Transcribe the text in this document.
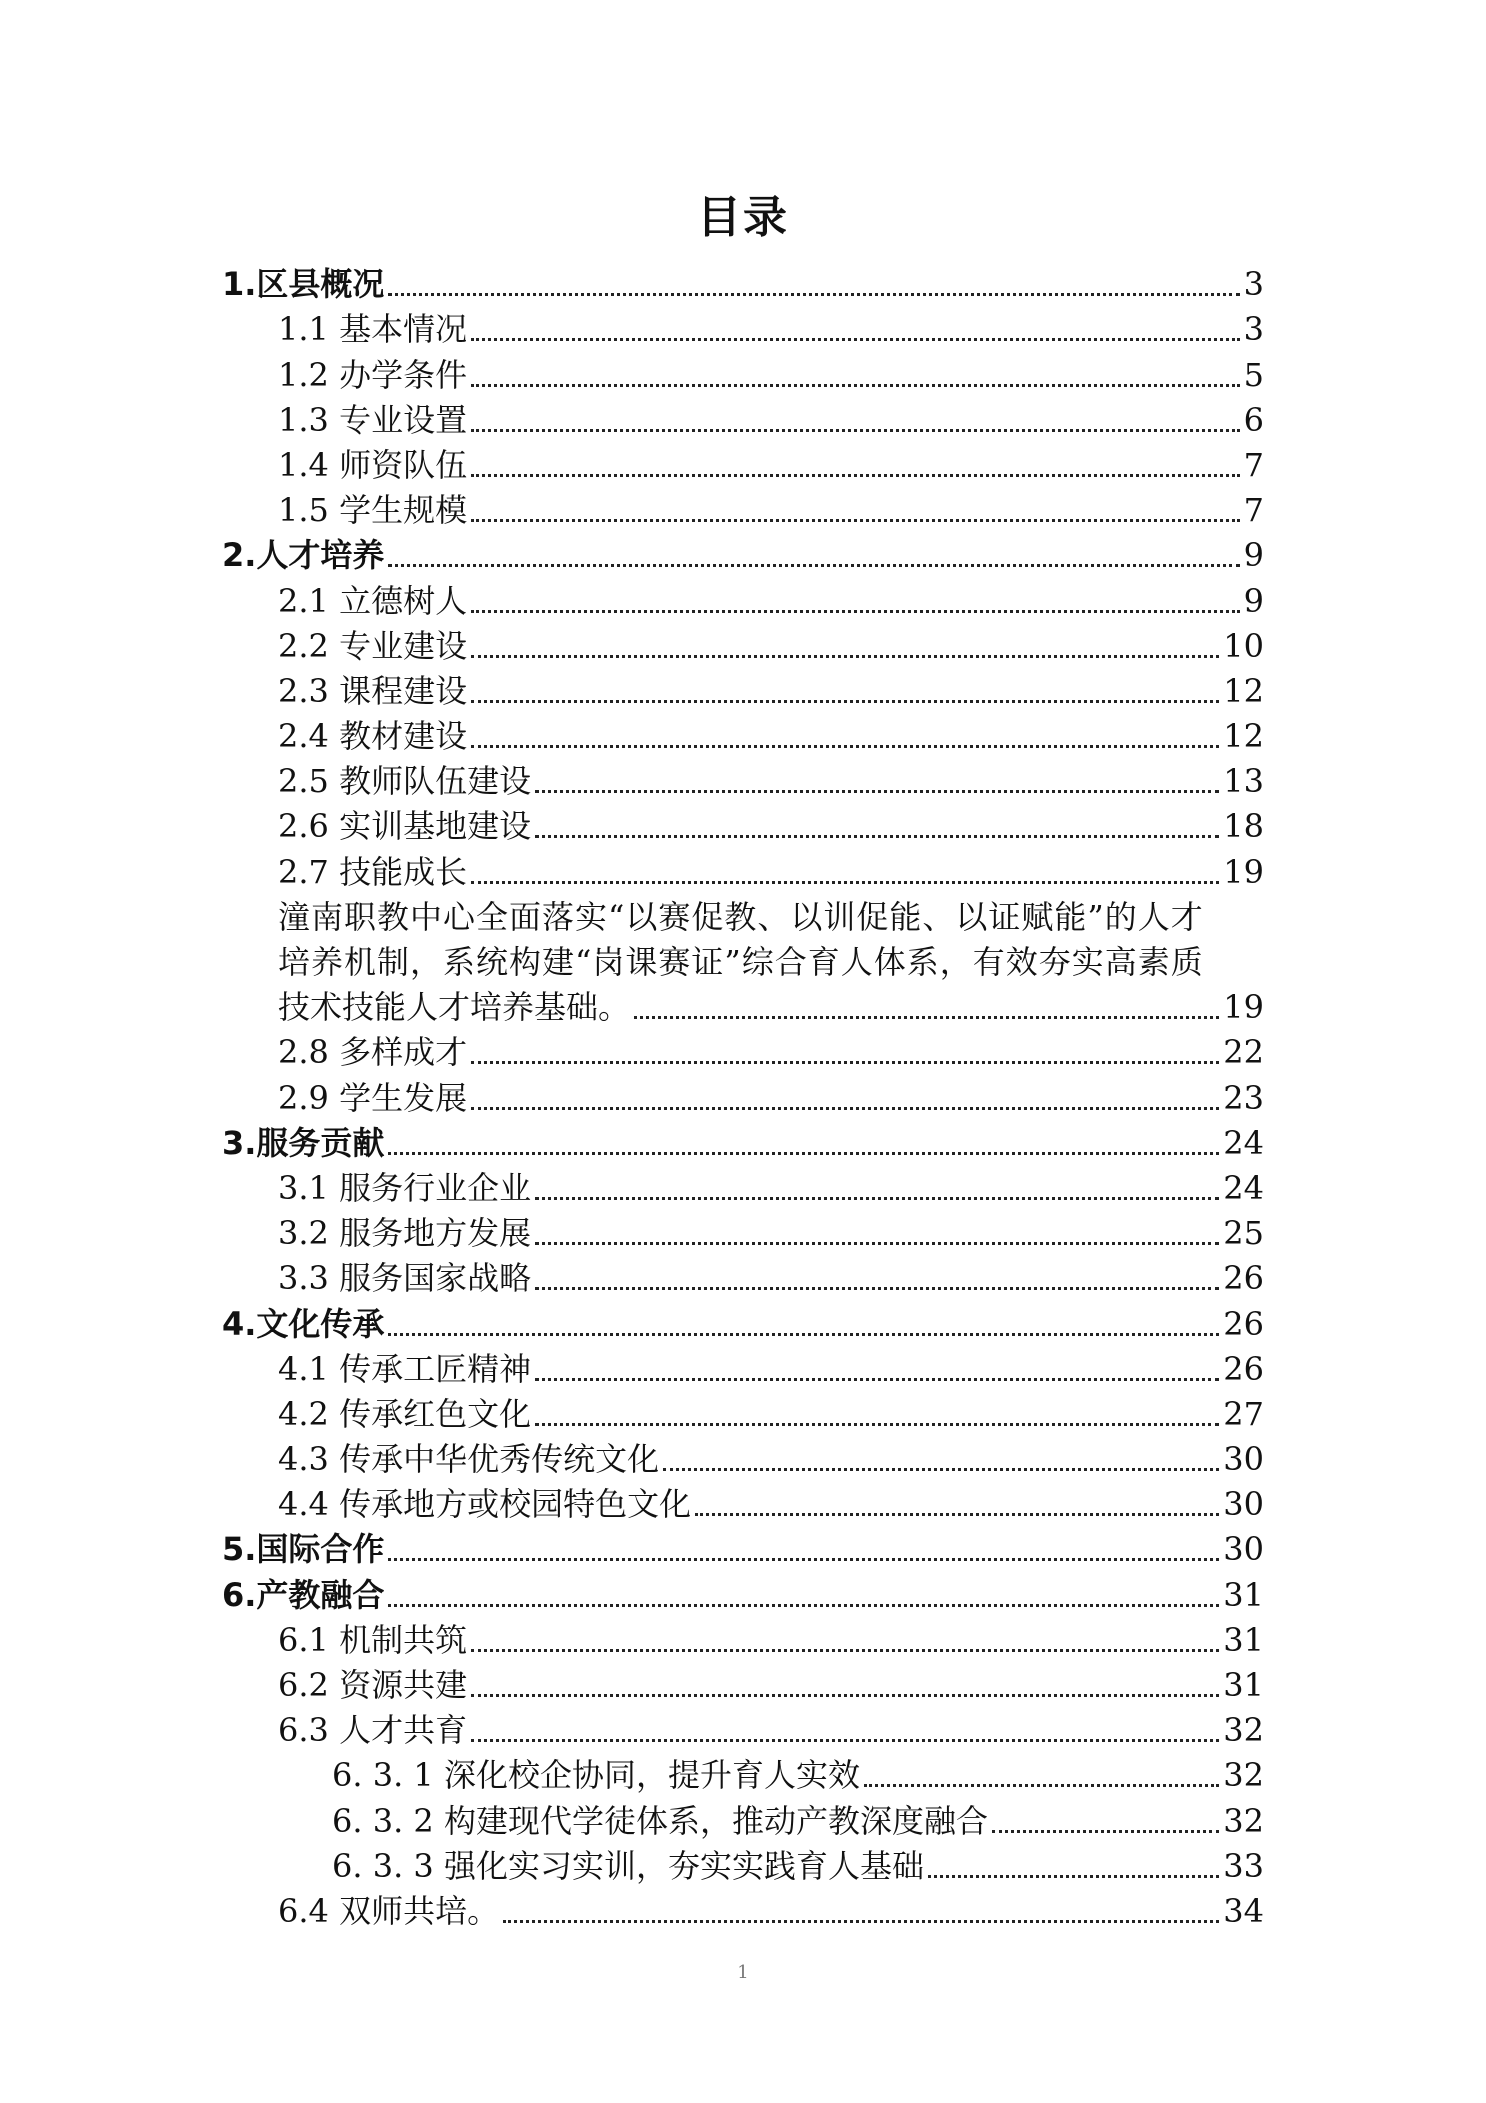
目录
1.区县概况	3
1.1 基本情况	3
1.2 办学条件	5
1.3 专业设置	6
1.4 师资队伍	7
1.5 学生规模	7
2.人才培养	9
2.1 立德树人	9
2.2 专业建设	10
2.3 课程建设	12
2.4 教材建设	12
2.5 教师队伍建设	13
2.6 实训基地建设	18
2.7 技能成长	19
潼南职教中心全面落实“以赛促教、以训促能、以证赋能”的人才
培养机制，系统构建“岗课赛证”综合育人体系，有效夯实高素质
技术技能人才培养基础。	19
2.8 多样成才	22
2.9 学生发展	23
3.服务贡献	24
3.1 服务行业企业	24
3.2 服务地方发展	25
3.3 服务国家战略	26
4.文化传承	26
4.1 传承工匠精神	26
4.2 传承红色文化	27
4.3 传承中华优秀传统文化	30
4.4 传承地方或校园特色文化	30
5.国际合作	30
6.产教融合	31
6.1 机制共筑	31
6.2 资源共建	31
6.3 人才共育	32
6. 3. 1 深化校企协同，提升育人实效	32
6. 3. 2 构建现代学徒体系，推动产教深度融合	32
6. 3. 3 强化实习实训，夯实实践育人基础	33
6.4 双师共培。	34
1
